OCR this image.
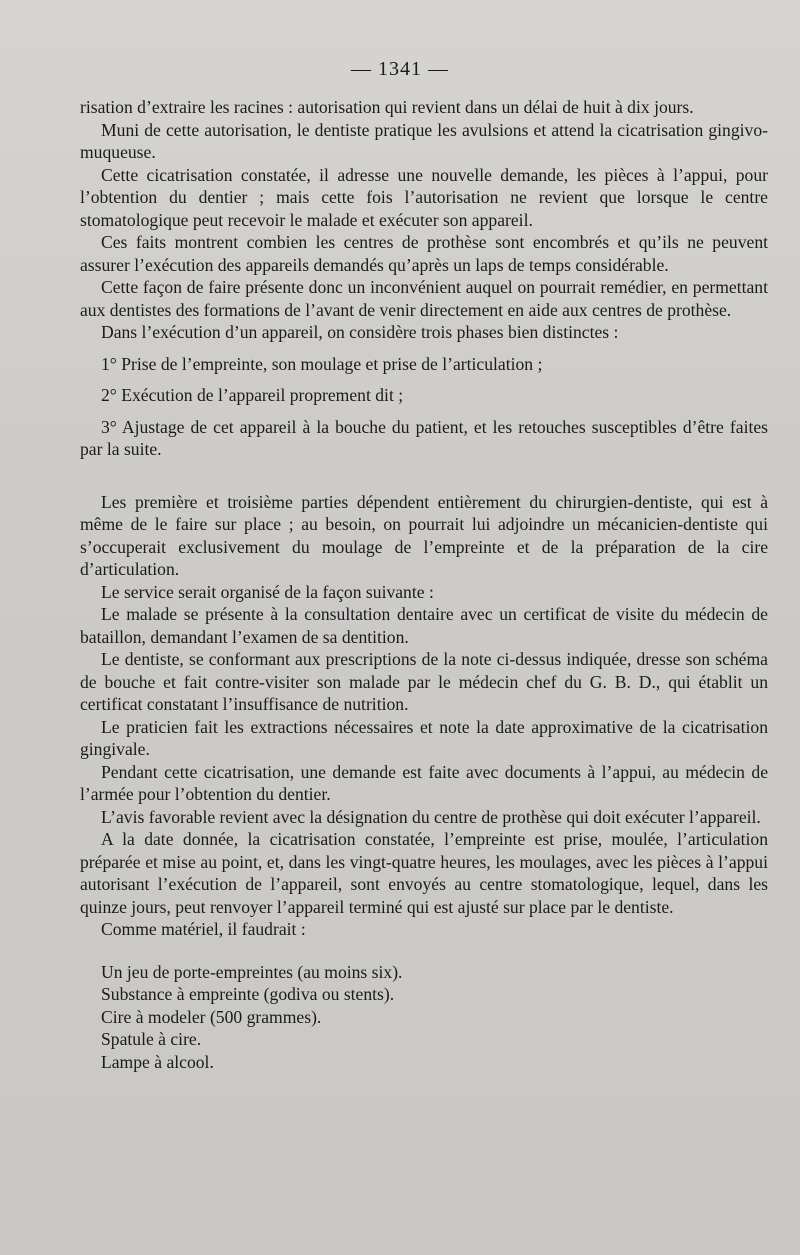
— 1341 —

risation d’extraire les racines : autorisation qui revient dans un délai de huit à dix jours.

Muni de cette autorisation, le dentiste pratique les avulsions et attend la cicatrisation gingivo-muqueuse.

Cette cicatrisation constatée, il adresse une nouvelle demande, les pièces à l’appui, pour l’obtention du dentier ; mais cette fois l’autorisation ne revient que lorsque le centre stomatologique peut recevoir le malade et exécuter son appareil.

Ces faits montrent combien les centres de prothèse sont encombrés et qu’ils ne peuvent assurer l’exécution des appareils demandés qu’après un laps de temps considérable.

Cette façon de faire présente donc un inconvénient auquel on pourrait remédier, en permettant aux dentistes des formations de l’avant de venir directement en aide aux centres de prothèse.

Dans l’exécution d’un appareil, on considère trois phases bien distinctes :

1° Prise de l’empreinte, son moulage et prise de l’articulation ;

2° Exécution de l’appareil proprement dit ;

3° Ajustage de cet appareil à la bouche du patient, et les retouches susceptibles d’être faites par la suite.

Les première et troisième parties dépendent entièrement du chirurgien-dentiste, qui est à même de le faire sur place ; au besoin, on pourrait lui adjoindre un mécanicien-dentiste qui s’occuperait exclusivement du moulage de l’empreinte et de la préparation de la cire d’articulation.

Le service serait organisé de la façon suivante :

Le malade se présente à la consultation dentaire avec un certificat de visite du médecin de bataillon, demandant l’examen de sa dentition.

Le dentiste, se conformant aux prescriptions de la note ci-dessus indiquée, dresse son schéma de bouche et fait contre-visiter son malade par le médecin chef du G. B. D., qui établit un certificat constatant l’insuffisance de nutrition.

Le praticien fait les extractions nécessaires et note la date approximative de la cicatrisation gingivale.

Pendant cette cicatrisation, une demande est faite avec documents à l’appui, au médecin de l’armée pour l’obtention du dentier.

L’avis favorable revient avec la désignation du centre de prothèse qui doit exécuter l’appareil.

A la date donnée, la cicatrisation constatée, l’empreinte est prise, moulée, l’articulation préparée et mise au point, et, dans les vingt-quatre heures, les moulages, avec les pièces à l’appui autorisant l’exécution de l’appareil, sont envoyés au centre stomatologique, lequel, dans les quinze jours, peut renvoyer l’appareil terminé qui est ajusté sur place par le dentiste.

Comme matériel, il faudrait :

Un jeu de porte-empreintes (au moins six).

Substance à empreinte (godiva ou stents).

Cire à modeler (500 grammes).

Spatule à cire.

Lampe à alcool.
